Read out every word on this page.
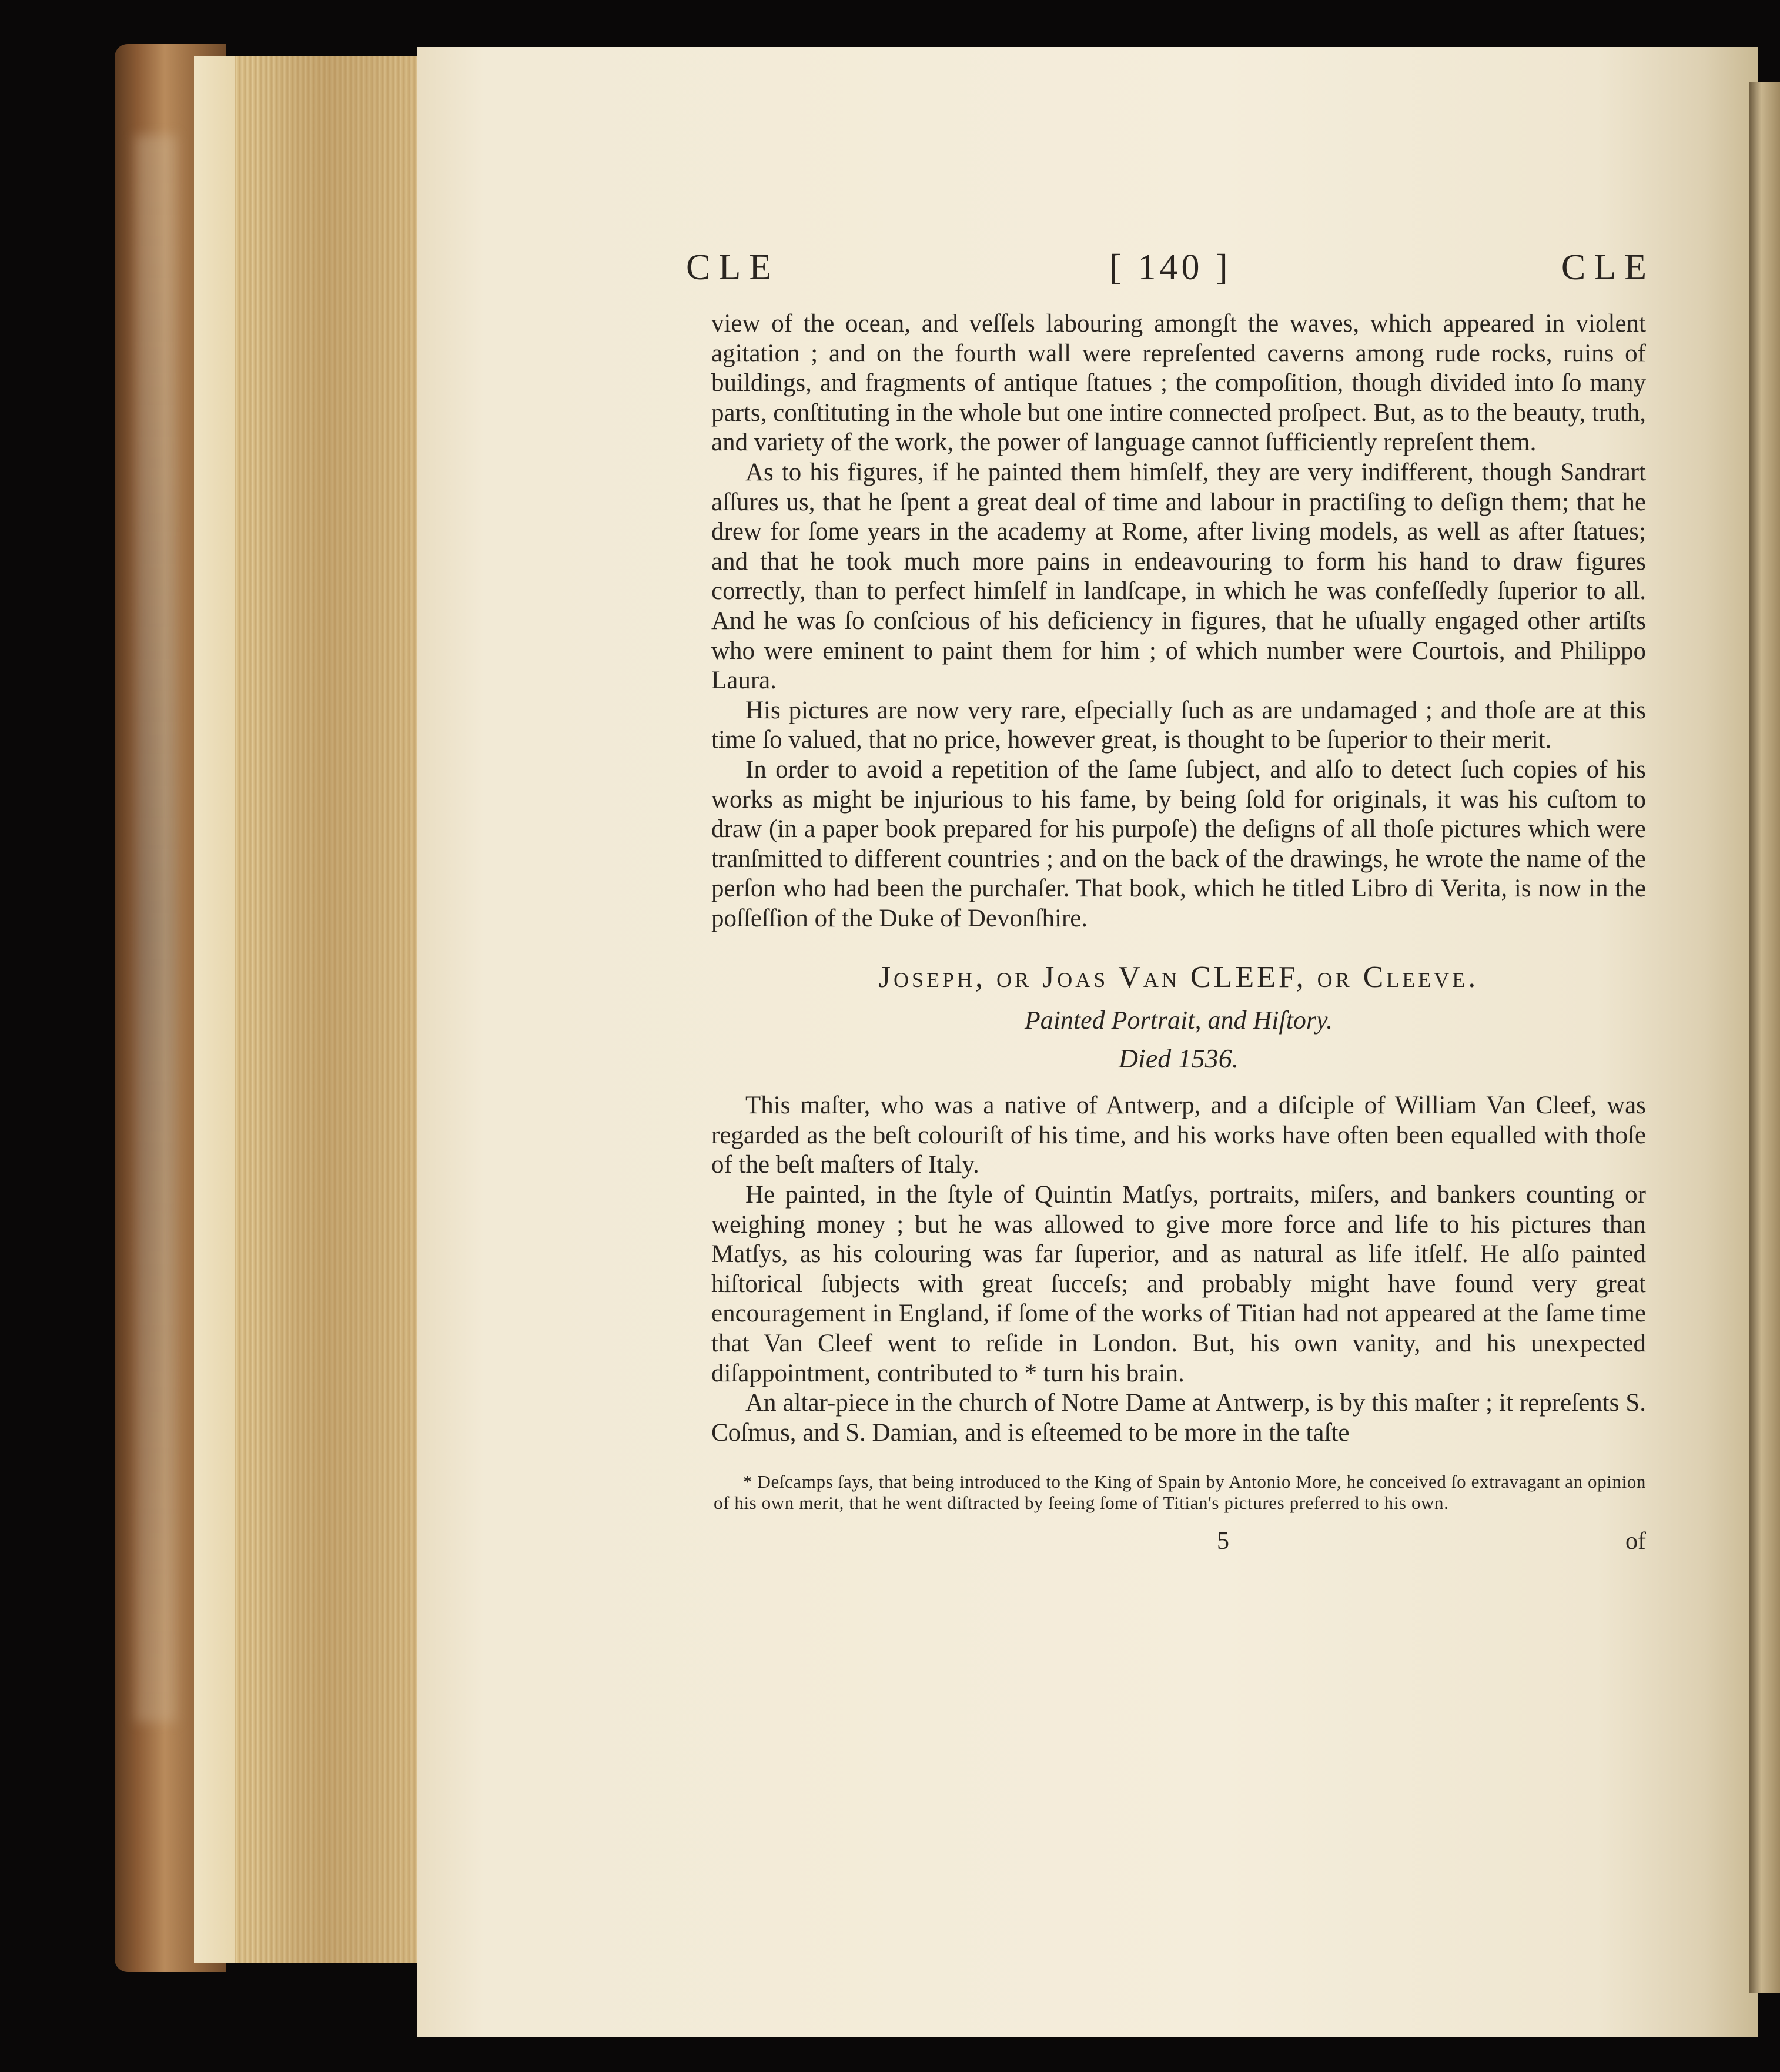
CLE	[ 140 ]	CLE

view of the ocean, and veſſels labouring amongſt the waves, which appeared in violent agitation ; and on the fourth wall were repreſented caverns among rude rocks, ruins of buildings, and fragments of antique ſtatues ; the compoſition, though divided into ſo many parts, conſtituting in the whole but one intire connected proſpect. But, as to the beauty, truth, and variety of the work, the power of language cannot ſufficiently repreſent them.

As to his figures, if he painted them himſelf, they are very indifferent, though Sandrart aſſures us, that he ſpent a great deal of time and labour in practiſing to deſign them; that he drew for ſome years in the academy at Rome, after living models, as well as after ſtatues; and that he took much more pains in endeavouring to form his hand to draw figures correctly, than to perfect himſelf in landſcape, in which he was confeſſedly ſuperior to all. And he was ſo conſcious of his deficiency in figures, that he uſually engaged other artiſts who were eminent to paint them for him ; of which number were Courtois, and Philippo Laura.

His pictures are now very rare, eſpecially ſuch as are undamaged ; and thoſe are at this time ſo valued, that no price, however great, is thought to be ſuperior to their merit.

In order to avoid a repetition of the ſame ſubject, and alſo to detect ſuch copies of his works as might be injurious to his fame, by being ſold for originals, it was his cuſtom to draw (in a paper book prepared for his purpoſe) the deſigns of all thoſe pictures which were tranſmitted to different countries ; and on the back of the drawings, he wrote the name of the perſon who had been the purchaſer. That book, which he titled Libro di Verita, is now in the poſſeſſion of the Duke of Devonſhire.

Joseph, or Joas Van CLEEF, or Cleeve.
Painted Portrait, and Hiſtory.
Died 1536.

This maſter, who was a native of Antwerp, and a diſciple of William Van Cleef, was regarded as the beſt colouriſt of his time, and his works have often been equalled with thoſe of the beſt maſters of Italy.

He painted, in the ſtyle of Quintin Matſys, portraits, miſers, and bankers counting or weighing money ; but he was allowed to give more force and life to his pictures than Matſys, as his colouring was far ſuperior, and as natural as life itſelf. He alſo painted hiſtorical ſubjects with great ſucceſs; and probably might have found very great encouragement in England, if ſome of the works of Titian had not appeared at the ſame time that Van Cleef went to reſide in London. But, his own vanity, and his unexpected diſappointment, contributed to * turn his brain.

An altar-piece in the church of Notre Dame at Antwerp, is by this maſter ; it repreſents S. Coſmus, and S. Damian, and is eſteemed to be more in the taſte

* Deſcamps ſays, that being introduced to the King of Spain by Antonio More, he conceived ſo extravagant an opinion of his own merit, that he went diſtracted by ſeeing ſome of Titian's pictures preferred to his own.

5	of
